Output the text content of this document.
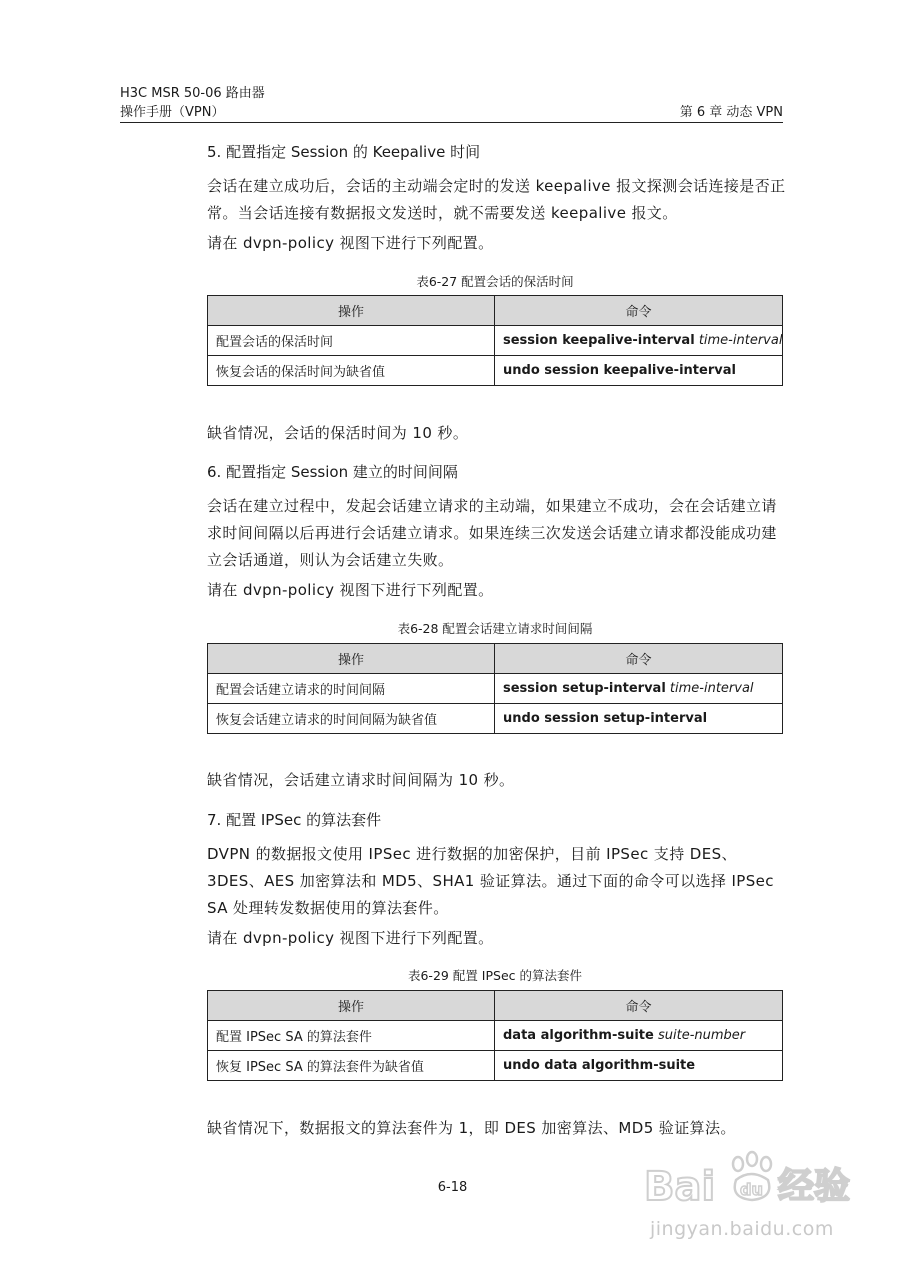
H3C MSR 50-06 路由器
操作手册（VPN）	第 6 章 动态 VPN
5. 配置指定 Session 的 Keepalive 时间

会话在建立成功后，会话的主动端会定时的发送 keepalive 报文探测会话连接是否正常。当会话连接有数据报文发送时，就不需要发送 keepalive 报文。

请在 dvpn-policy 视图下进行下列配置。

表6-27 配置会话的保活时间
操作	命令
配置会话的保活时间	session keepalive-interval time-interval
恢复会话的保活时间为缺省值	undo session keepalive-interval

缺省情况，会话的保活时间为 10 秒。

6. 配置指定 Session 建立的时间间隔

会话在建立过程中，发起会话建立请求的主动端，如果建立不成功，会在会话建立请求时间间隔以后再进行会话建立请求。如果连续三次发送会话建立请求都没能成功建立会话通道，则认为会话建立失败。

请在 dvpn-policy 视图下进行下列配置。

表6-28 配置会话建立请求时间间隔
操作	命令
配置会话建立请求的时间间隔	session setup-interval time-interval
恢复会话建立请求的时间间隔为缺省值	undo session setup-interval

缺省情况，会话建立请求时间间隔为 10 秒。

7. 配置 IPSec 的算法套件

DVPN 的数据报文使用 IPSec 进行数据的加密保护，目前 IPSec 支持 DES、3DES、AES 加密算法和 MD5、SHA1 验证算法。通过下面的命令可以选择 IPSec SA 处理转发数据使用的算法套件。

请在 dvpn-policy 视图下进行下列配置。

表6-29 配置 IPSec 的算法套件
操作	命令
配置 IPSec SA 的算法套件	data algorithm-suite suite-number
恢复 IPSec SA 的算法套件为缺省值	undo data algorithm-suite

缺省情况下，数据报文的算法套件为 1，即 DES 加密算法、MD5 验证算法。

6-18	Bai du 经验
jingyan.baidu.com
